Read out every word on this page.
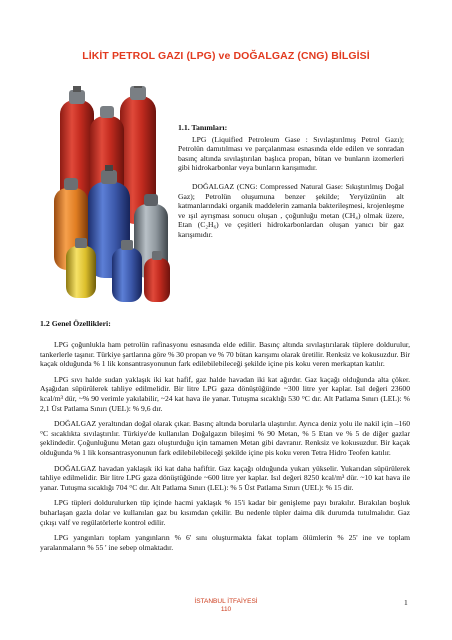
LİKİT PETROL GAZI (LPG) ve DOĞALGAZ (CNG) BİLGİSİ
1.1. Tanımları:

LPG (Liquified Petroleum Gase : Sıvılaştırılmış Petrol Gazı); Petrolün damıtılması ve parçalanması esnasında elde edilen ve sonradan basınç altında sıvılaştırılan başlıca propan, bütan ve bunların izomerleri gibi hidrokarbonlar veya bunların karışımıdır.

DOĞALGAZ (CNG: Compressed Natural Gase: Sıkıştırılmış Doğal Gaz); Petrolün oluşumuna benzer şekilde; Yeryüzünün alt katmanlarındaki organik maddelerin zamanla bakterileşmesi, krojenleşme ve ışıl ayrışması sonucu oluşan , çoğunluğu metan (CH₄) olmak üzere, Etan (C₂H₆) ve çeşitleri hidrokarbonlardan oluşan yanıcı bir gaz karışımıdır.

1.2 Genel Özellikleri:

LPG çoğunlukla ham petrolün rafinasyonu esnasında elde edilir. Basınç altında sıvılaştırılarak tüplere doldurulur, tankerlerle taşınır. Türkiye şartlarına göre % 30 propan ve % 70 bütan karışımı olarak üretilir. Renksiz ve kokusuzdur. Bir kaçak olduğunda % 1 lik konsantrasyonunun fark edilebilebileceği şekilde içine pis koku veren merkaptan katılır.

LPG sıvı halde sudan yaklaşık iki kat hafif, gaz halde havadan iki kat ağırdır. Gaz kaçağı olduğunda alta çöker. Aşağıdan süpürülerek tahliye edilmelidir. Bir litre LPG gaza dönüştüğünde ~300 litre yer kaplar. Isıl değeri 23600 kcal/m³ dür, ~% 90 verimle yakılabilir, ~24 kat hava ile yanar. Tutuşma sıcaklığı 530 °C dır. Alt Patlama Sınırı (LEL): % 2,1 Üst Patlama Sınırı (UEL): % 9,6 dır.

DOĞALGAZ yeraltından doğal olarak çıkar. Basınç altında borularla ulaştırılır. Ayrıca deniz yolu ile nakil için –160 °C sıcaklıkta sıvılaştırılır. Türkiye'de kullanılan Doğalgazın bileşimi % 90 Metan, % 5 Etan ve % 5 de diğer gazlar şeklindedir. Çoğunluğunu Metan gazı oluşturduğu için tamamen Metan gibi davranır. Renksiz ve kokusuzdur. Bir kaçak olduğunda % 1 lik konsantrasyonunun fark edilebilebileceği şekilde içine pis koku veren Tetra Hidro Teofen katılır.

DOĞALGAZ havadan yaklaşık iki kat daha hafiftir. Gaz kaçağı olduğunda yukarı yükselir. Yukarıdan süpürülerek tahliye edilmelidir. Bir litre LPG gaza dönüştüğünde ~600 litre yer kaplar. Isıl değeri 8250 kcal/m³ dür. ~10 kat hava ile yanar. Tutuşma sıcaklığı 704 °C dır. Alt Patlama Sınırı (LEL): % 5 Üst Patlama Sınırı (UEL): % 15 dir.

LPG tüpleri doldurulurken tüp içinde hacmi yaklaşık % 15'i kadar bir genişleme payı bırakılır. Bırakılan boşluk buharlaşan gazla dolar ve kullanılan gaz bu kısımdan çekilir. Bu nedenle tüpler daima dik durumda tutulmalıdır. Gaz çıkışı valf ve regülatörlerle kontrol edilir.

LPG yangınları toplam yangınların % 6' sını oluşturmakta fakat toplam ölümlerin % 25' ine ve toplam yaralanmaların % 55 ' ine sebep olmaktadır.

İSTANBUL İTFAİYESİ
110
1
